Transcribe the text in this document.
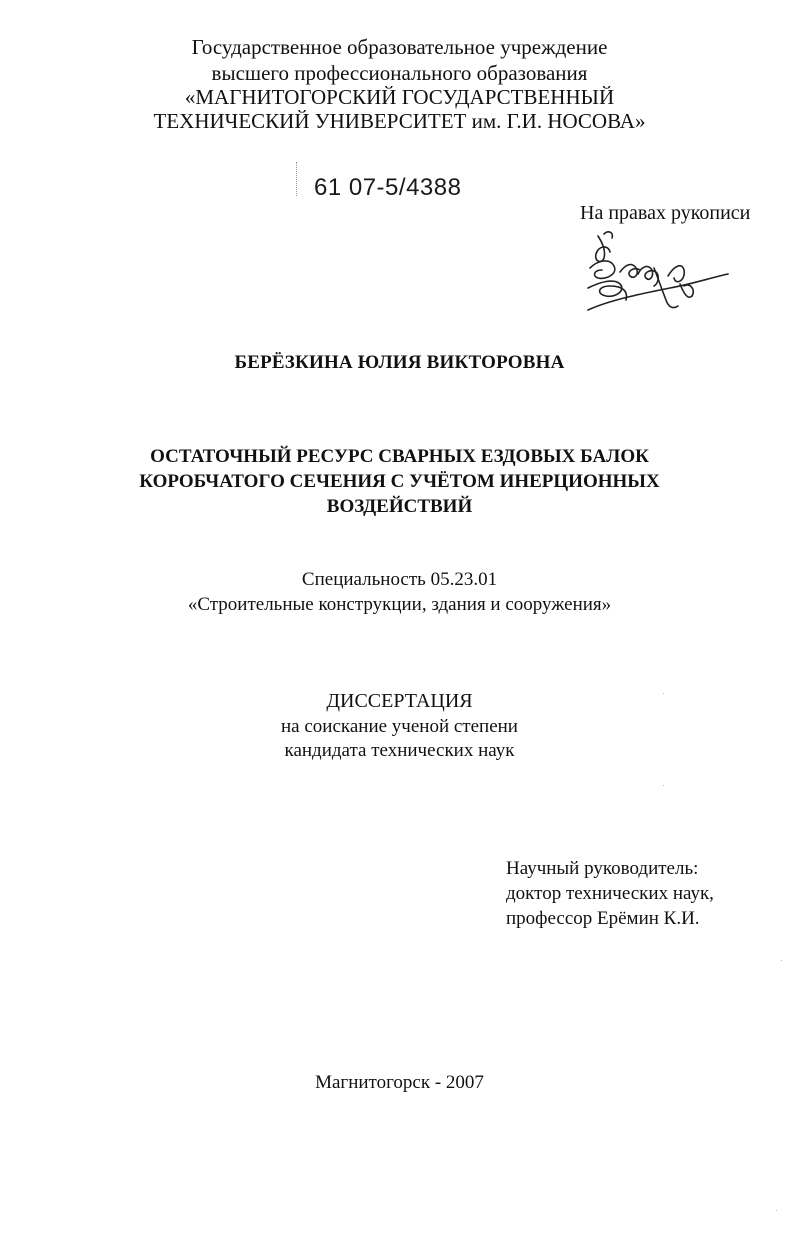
Государственное образовательное учреждение
высшего профессионального образования
«МАГНИТОГОРСКИЙ ГОСУДАРСТВЕННЫЙ
ТЕХНИЧЕСКИЙ УНИВЕРСИТЕТ им. Г.И. НОСОВА»
61 07-5/4388
На правах рукописи
БЕРЁЗКИНА ЮЛИЯ ВИКТОРОВНА
ОСТАТОЧНЫЙ РЕСУРС СВАРНЫХ ЕЗДОВЫХ БАЛОК
КОРОБЧАТОГО СЕЧЕНИЯ С УЧЁТОМ ИНЕРЦИОННЫХ
ВОЗДЕЙСТВИЙ
Специальность 05.23.01
«Строительные конструкции, здания и сооружения»
ДИССЕРТАЦИЯ
на соискание ученой степени
кандидата технических наук
Научный руководитель:
доктор технических наук,
профессор Ерёмин К.И.
Магнитогорск - 2007
